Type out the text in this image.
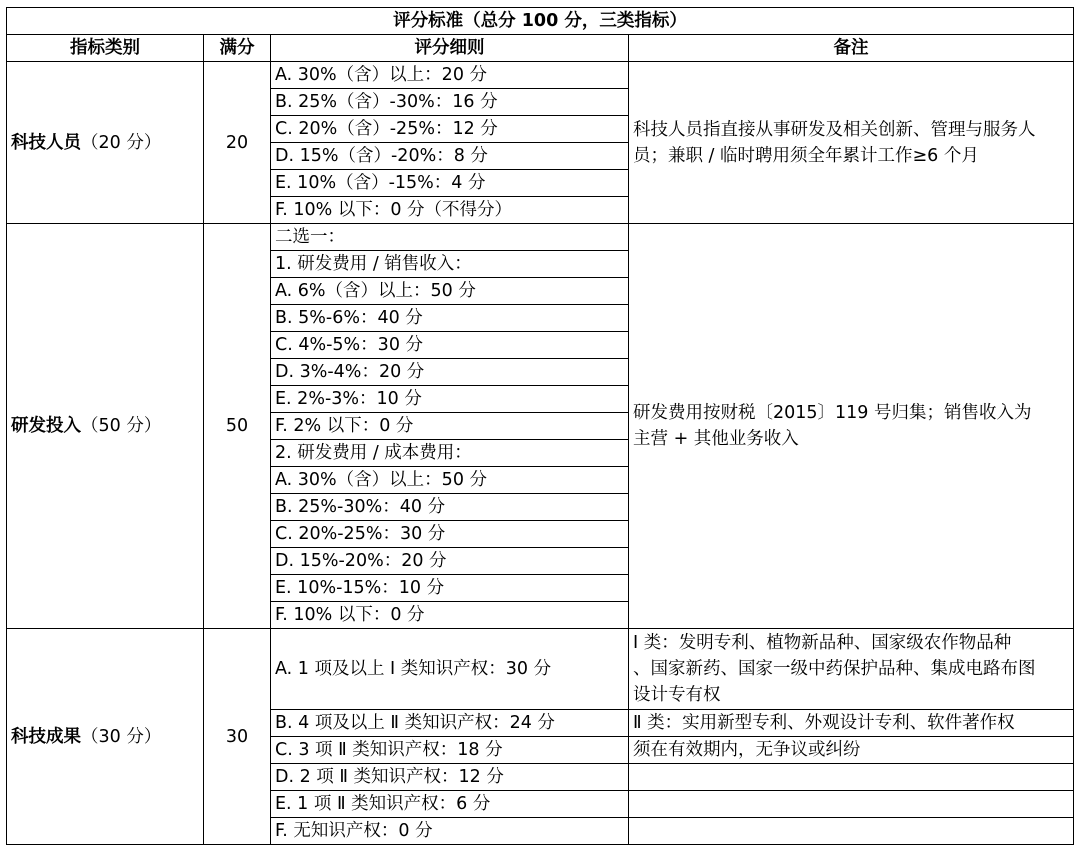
评分标准（总分 100 分，三类指标）			
指标类别	满分	评分细则	备注
科技人员（20 分）	20	A. 30%（含）以上：20 分	科技人员指直接从事研发及相关创新、管理与服务人
员；兼职 / 临时聘用须全年累计工作≥6 个月

		B. 25%（含）-30%：16 分	
		C. 20%（含）-25%：12 分	
		D. 15%（含）-20%：8 分	
		E. 10%（含）-15%：4 分	
		F. 10% 以下：0 分（不得分）	
研发投入（50 分）	50	二选一：	研发费用按财税〔2015〕119 号归集；销售收入为
主营 + 其他业务收入

		1. 研发费用 / 销售收入：	
		A. 6%（含）以上：50 分	
		B. 5%-6%：40 分	
		C. 4%-5%：30 分	
		D. 3%-4%：20 分	
		E. 2%-3%：10 分	
		F. 2% 以下：0 分	
		2. 研发费用 / 成本费用：	
		A. 30%（含）以上：50 分	
		B. 25%-30%：40 分	
		C. 20%-25%：30 分	
		D. 15%-20%：20 分	
		E. 10%-15%：10 分	
		F. 10% 以下：0 分	
科技成果（30 分）	30	A. 1 项及以上 Ⅰ 类知识产权：30 分	Ⅰ 类：发明专利、植物新品种、国家级农作物品种
、国家新药、国家一级中药保护品种、集成电路布图
设计专有权

		B. 4 项及以上 Ⅱ 类知识产权：24 分	Ⅱ 类：实用新型专利、外观设计专利、软件著作权
		C. 3 项 Ⅱ 类知识产权：18 分	须在有效期内，无争议或纠纷
		D. 2 项 Ⅱ 类知识产权：12 分	
		E. 1 项 Ⅱ 类知识产权：6 分	
		F. 无知识产权：0 分	
